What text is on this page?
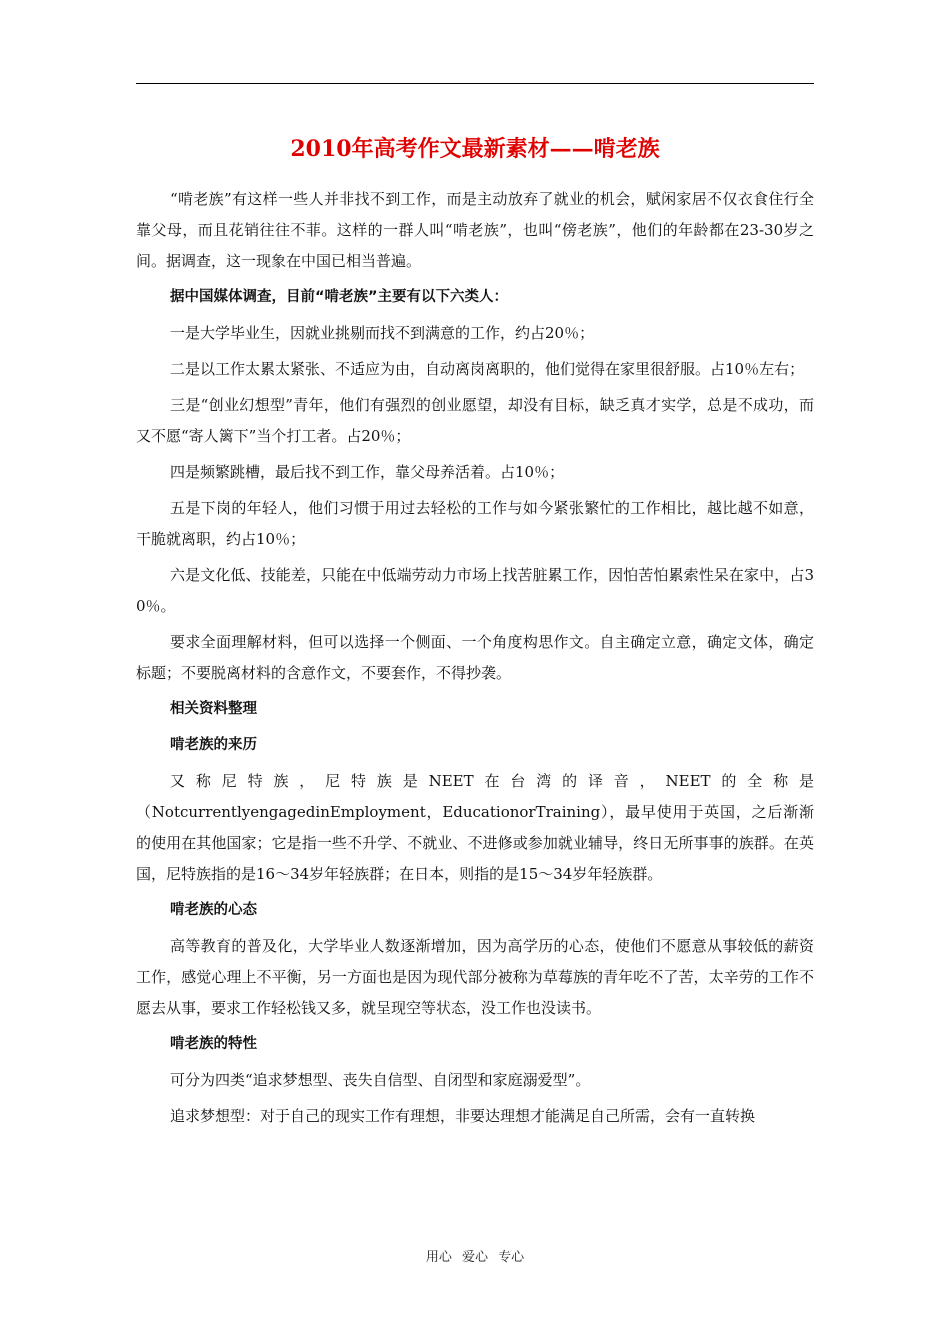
2010年高考作文最新素材——啃老族

“啃老族”有这样一些人并非找不到工作，而是主动放弃了就业的机会，赋闲家居不仅衣食住行全靠父母，而且花销往往不菲。这样的一群人叫“啃老族”，也叫“傍老族”，他们的年龄都在23-30岁之间。据调查，这一现象在中国已相当普遍。

据中国媒体调查，目前“啃老族”主要有以下六类人：

一是大学毕业生，因就业挑剔而找不到满意的工作，约占20％；

二是以工作太累太紧张、不适应为由，自动离岗离职的，他们觉得在家里很舒服。占10％左右；

三是“创业幻想型”青年，他们有强烈的创业愿望，却没有目标，缺乏真才实学，总是不成功，而又不愿“寄人篱下”当个打工者。占20％；

四是频繁跳槽，最后找不到工作，靠父母养活着。占10％；

五是下岗的年轻人，他们习惯于用过去轻松的工作与如今紧张繁忙的工作相比，越比越不如意，干脆就离职，约占10％；

六是文化低、技能差，只能在中低端劳动力市场上找苦脏累工作，因怕苦怕累索性呆在家中，占30％。

要求全面理解材料，但可以选择一个侧面、一个角度构思作文。自主确定立意，确定文体，确定标题；不要脱离材料的含意作文，不要套作，不得抄袭。

相关资料整理

啃老族的来历

又称尼特族，尼特族是NEET在台湾的译音，NEET的全称是

（NotcurrentlyengagedinEmployment，EducationorTraining），最早使用于英国，之后渐渐的使用在其他国家；它是指一些不升学、不就业、不进修或参加就业辅导，终日无所事事的族群。在英国，尼特族指的是16～34岁年轻族群；在日本，则指的是15～34岁年轻族群。

啃老族的心态

高等教育的普及化，大学毕业人数逐渐增加，因为高学历的心态，使他们不愿意从事较低的薪资工作，感觉心理上不平衡，另一方面也是因为现代部分被称为草莓族的青年吃不了苦，太辛劳的工作不愿去从事，要求工作轻松钱又多，就呈现空等状态，没工作也没读书。

啃老族的特性

可分为四类“追求梦想型、丧失自信型、自闭型和家庭溺爱型”。

追求梦想型：对于自己的现实工作有理想，非要达理想才能满足自己所需，会有一直转换

用心 爱心 专心
